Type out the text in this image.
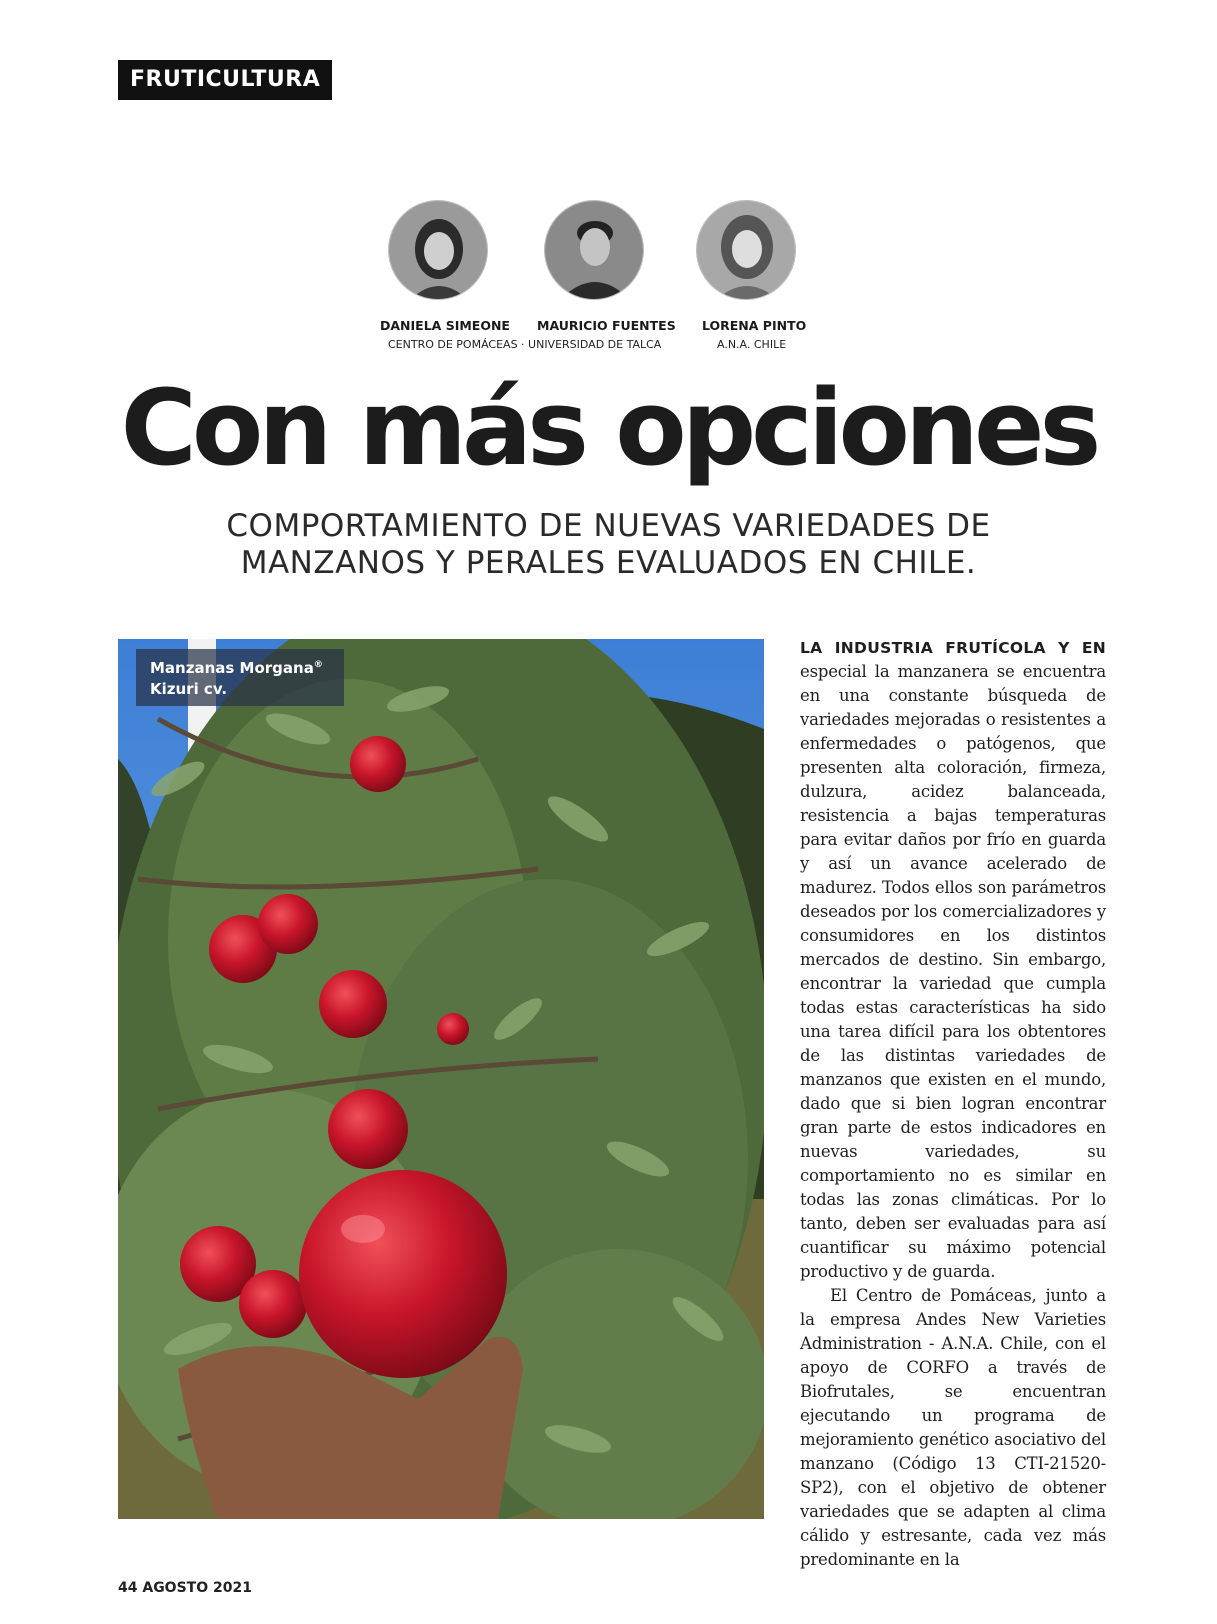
FRUTICULTURA
DANIELA SIMEONE MAURICIO FUENTES LORENA PINTO
CENTRO DE POMÁCEAS · UNIVERSIDAD DE TALCA	A.N.A. CHILE
Con más opciones
COMPORTAMIENTO DE NUEVAS VARIEDADES DE
MANZANOS Y PERALES EVALUADOS EN CHILE.
Manzanas Morgana®
Kizuri cv.

LA INDUSTRIA FRUTÍCOLA Y EN especial la manzanera se encuentra en una constante búsqueda de variedades mejoradas o resistentes a enfermedades o patógenos, que presenten alta coloración, firmeza, dulzura, acidez balanceada, resistencia a bajas temperaturas para evitar daños por frío en guarda y así un avance acelerado de madurez. Todos ellos son parámetros deseados por los comercializadores y consumidores en los distintos mercados de destino. Sin embargo, encontrar la variedad que cumpla todas estas características ha sido una tarea difícil para los obtentores de las distintas variedades de manzanos que existen en el mundo, dado que si bien logran encontrar gran parte de estos indicadores en nuevas variedades, su comportamiento no es similar en todas las zonas climáticas. Por lo tanto, deben ser evaluadas para así cuantificar su máximo potencial productivo y de guarda.

El Centro de Pomáceas, junto a la empresa Andes New Varieties Administration - A.N.A. Chile, con el apoyo de CORFO a través de Biofrutales, se encuentran ejecutando un programa de mejoramiento genético asociativo del manzano (Código 13 CTI-21520-SP2), con el objetivo de obtener variedades que se adapten al clima cálido y estresante, cada vez más predominante en la

44 AGOSTO 2021
